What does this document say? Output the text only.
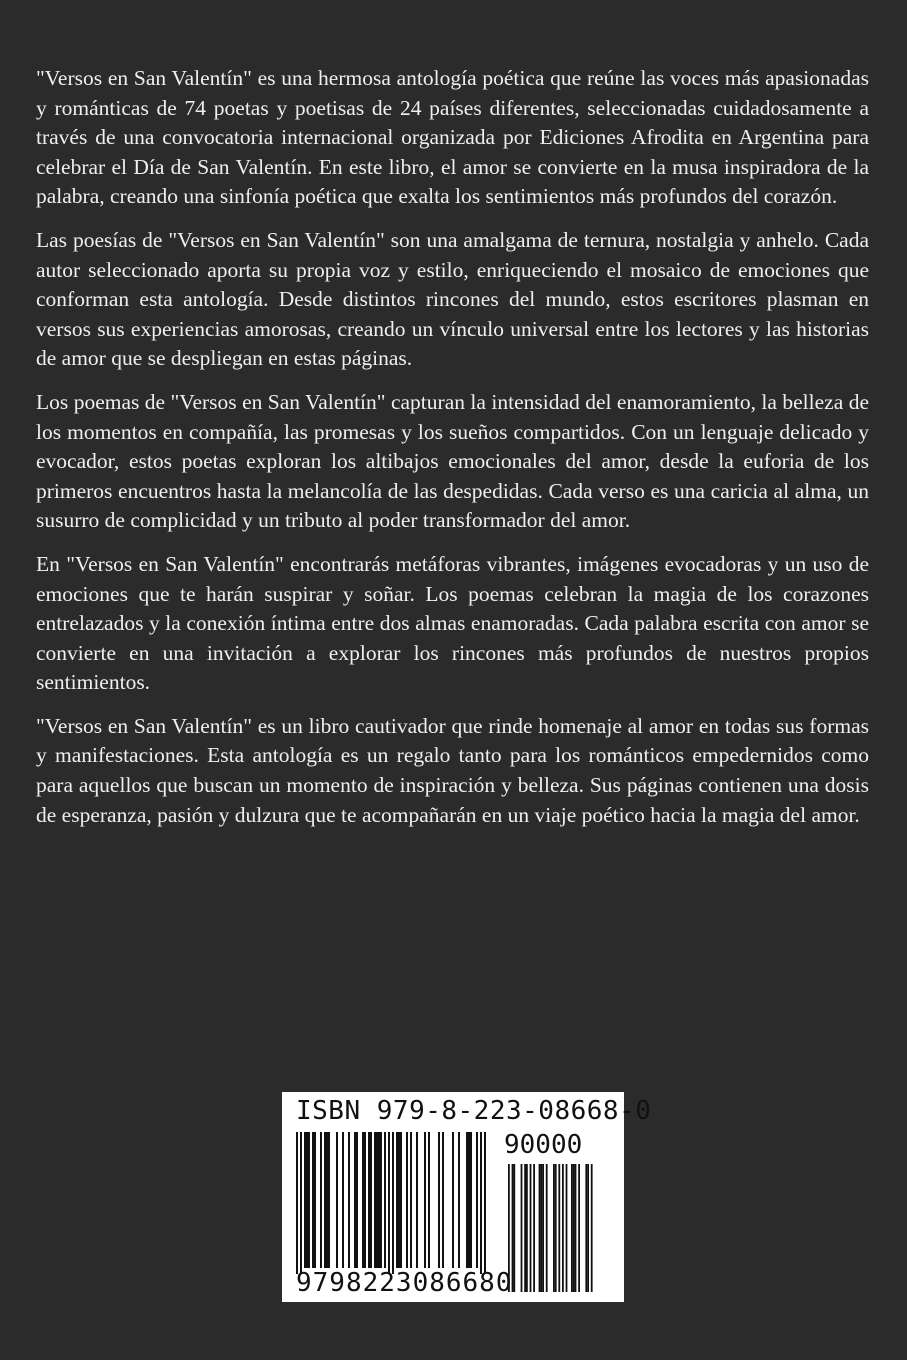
"Versos en San Valentín" es una hermosa antología poética que reúne las voces más apasionadas y románticas de 74 poetas y poetisas de 24 países diferentes, seleccionadas cuidadosamente a través de una convocatoria internacional organizada por Ediciones Afrodita en Argentina para celebrar el Día de San Valentín. En este libro, el amor se convierte en la musa inspiradora de la palabra, creando una sinfonía poética que exalta los sentimientos más profundos del corazón.

Las poesías de "Versos en San Valentín" son una amalgama de ternura, nostalgia y anhelo. Cada autor seleccionado aporta su propia voz y estilo, enriqueciendo el mosaico de emociones que conforman esta antología. Desde distintos rincones del mundo, estos escritores plasman en versos sus experiencias amorosas, creando un vínculo universal entre los lectores y las historias de amor que se despliegan en estas páginas.

Los poemas de "Versos en San Valentín" capturan la intensidad del enamoramiento, la belleza de los momentos en compañía, las promesas y los sueños compartidos. Con un lenguaje delicado y evocador, estos poetas exploran los altibajos emocionales del amor, desde la euforia de los primeros encuentros hasta la melancolía de las despedidas. Cada verso es una caricia al alma, un susurro de complicidad y un tributo al poder transformador del amor.

En "Versos en San Valentín" encontrarás metáforas vibrantes, imágenes evocadoras y un uso de emociones que te harán suspirar y soñar. Los poemas celebran la magia de los corazones entrelazados y la conexión íntima entre dos almas enamoradas. Cada palabra escrita con amor se convierte en una invitación a explorar los rincones más profundos de nuestros propios sentimientos.

"Versos en San Valentín" es un libro cautivador que rinde homenaje al amor en todas sus formas y manifestaciones. Esta antología es un regalo tanto para los románticos empedernidos como para aquellos que buscan un momento de inspiración y belleza. Sus páginas contienen una dosis de esperanza, pasión y dulzura que te acompañarán en un viaje poético hacia la magia del amor.

ISBN 979-8-223-08668-0
90000
9798223086680
